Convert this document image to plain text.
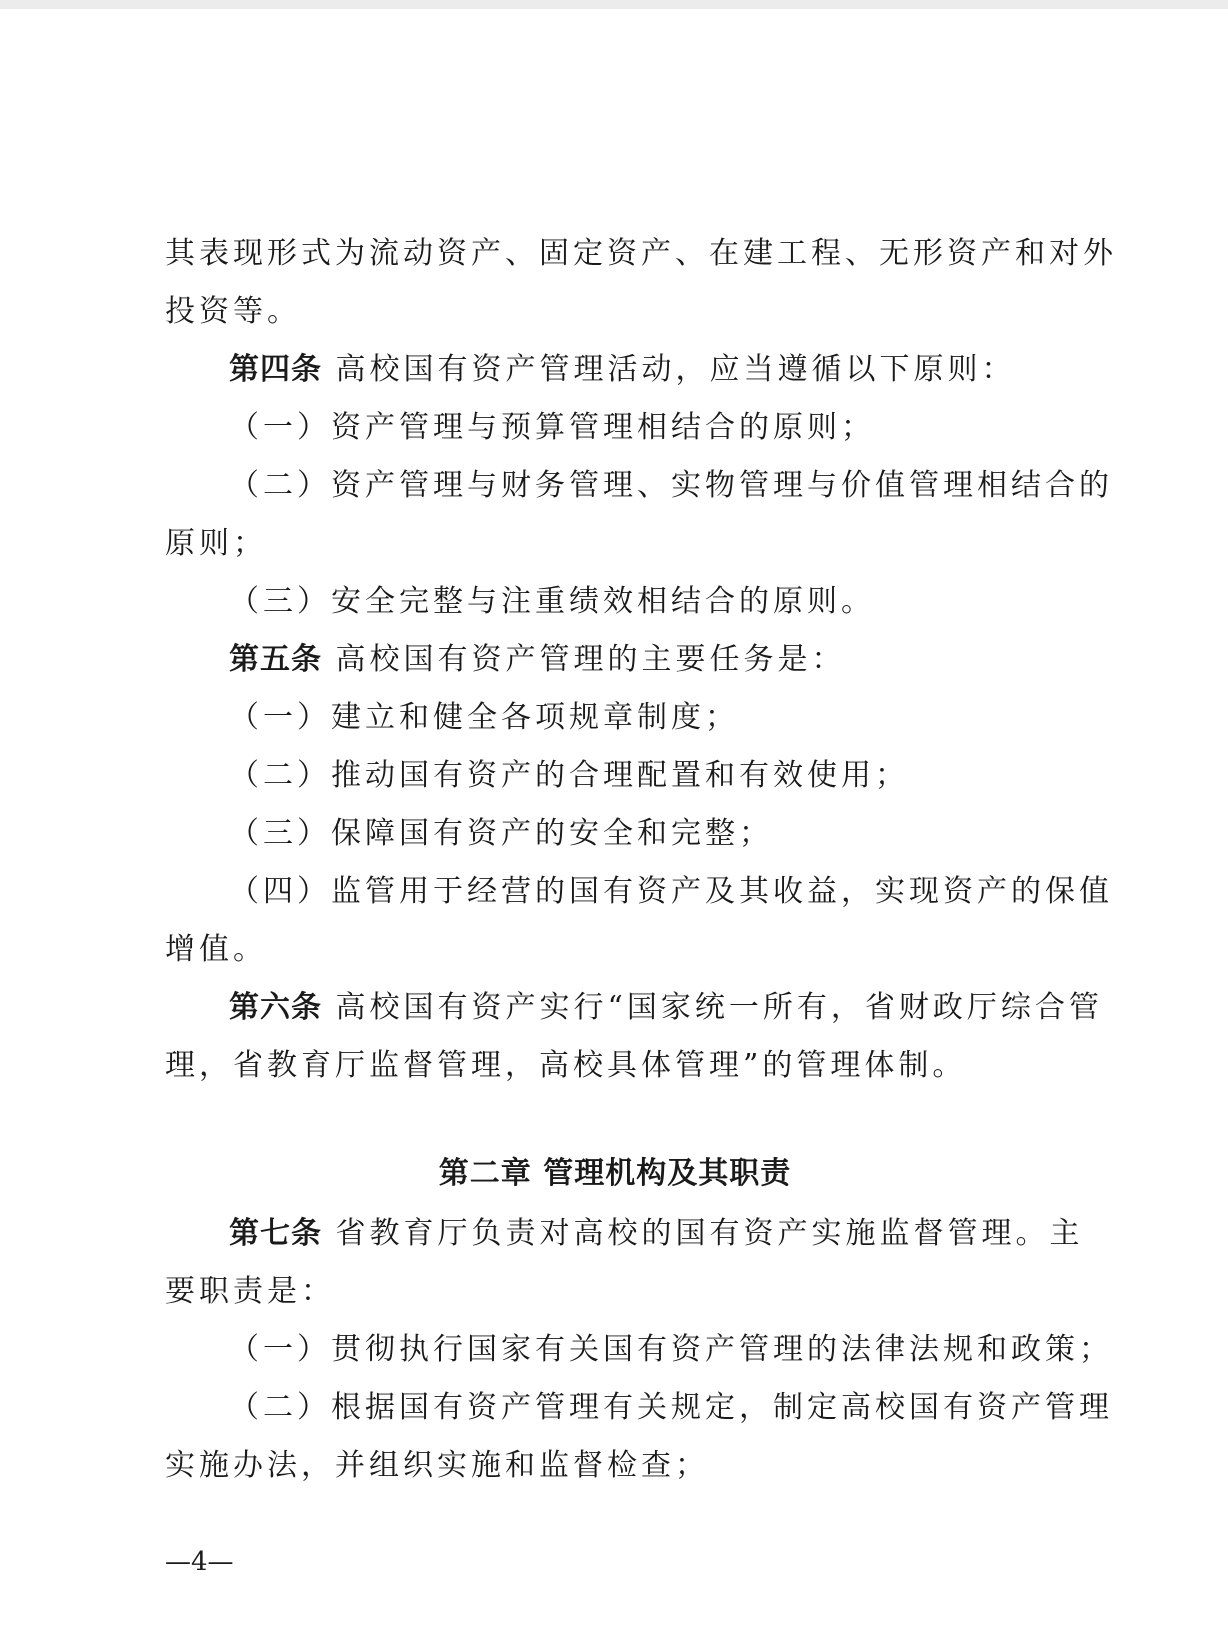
其表现形式为流动资产、固定资产、在建工程、无形资产和对外
投资等。
第四条 高校国有资产管理活动，应当遵循以下原则：
（一）资产管理与预算管理相结合的原则；
（二）资产管理与财务管理、实物管理与价值管理相结合的
原则；
（三）安全完整与注重绩效相结合的原则。
第五条 高校国有资产管理的主要任务是：
（一）建立和健全各项规章制度；
（二）推动国有资产的合理配置和有效使用；
（三）保障国有资产的安全和完整；
（四）监管用于经营的国有资产及其收益，实现资产的保值
增值。
第六条 高校国有资产实行“国家统一所有，省财政厅综合管
理，省教育厅监督管理，高校具体管理”的管理体制。
第二章 管理机构及其职责
第七条 省教育厅负责对高校的国有资产实施监督管理。主
要职责是：
（一）贯彻执行国家有关国有资产管理的法律法规和政策；
（二）根据国有资产管理有关规定，制定高校国有资产管理
实施办法，并组织实施和监督检查；
—4—
